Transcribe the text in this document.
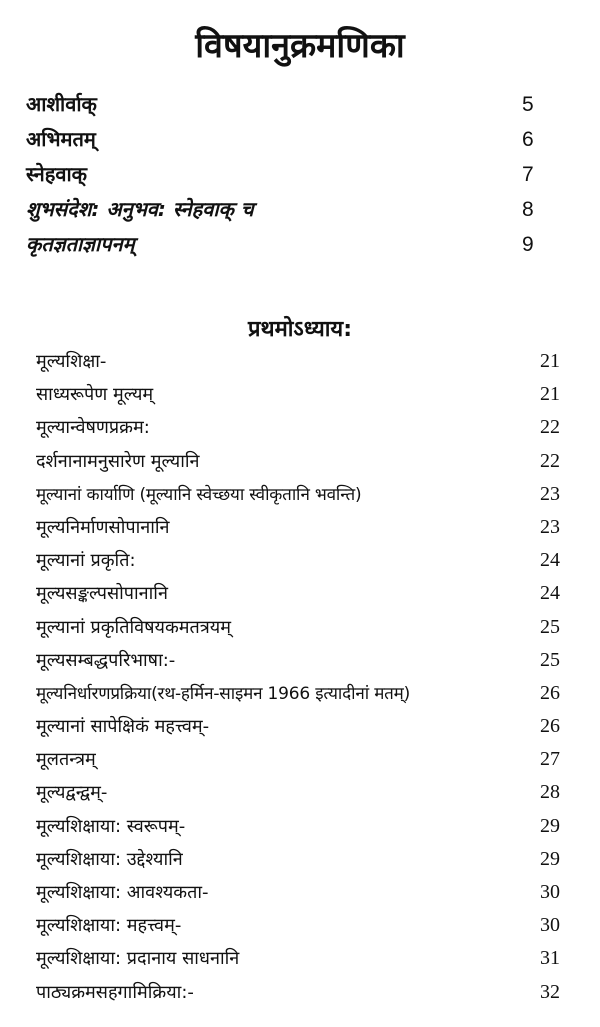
विषयानुक्रमणिका
आशीर्वाक्	5
अभिमतम्	6
स्नेहवाक्	7
शुभसंदेश: अनुभव: स्नेहवाक् च	8
कृतज्ञताज्ञापनम्	9
प्रथमोऽध्याय:
मूल्यशिक्षा-	21
साध्यरूपेण मूल्यम्	21
मूल्यान्वेषणप्रक्रम:	22
दर्शनानामनुसारेण मूल्यानि	22
मूल्यानां कार्याणि (मूल्यानि स्वेच्छया स्वीकृतानि भवन्ति)	23
मूल्यनिर्माणसोपानानि	23
मूल्यानां प्रकृति:	24
मूल्यसङ्कल्पसोपानानि	24
मूल्यानां प्रकृतिविषयकमतत्रयम्	25
मूल्यसम्बद्धपरिभाषा:-	25
मूल्यनिर्धारणप्रक्रिया(रथ-हर्मिन-साइमन 1966 इत्यादीनां मतम्)	26
मूल्यानां सापेक्षिकं महत्त्वम्-	26
मूलतन्त्रम्	27
मूल्यद्वन्द्वम्-	28
मूल्यशिक्षाया: स्वरूपम्-	29
मूल्यशिक्षाया: उद्देश्यानि	29
मूल्यशिक्षाया: आवश्यकता-	30
मूल्यशिक्षाया: महत्त्वम्-	30
मूल्यशिक्षाया: प्रदानाय साधनानि	31
पाठ्यक्रमसहगामिक्रिया:-	32
